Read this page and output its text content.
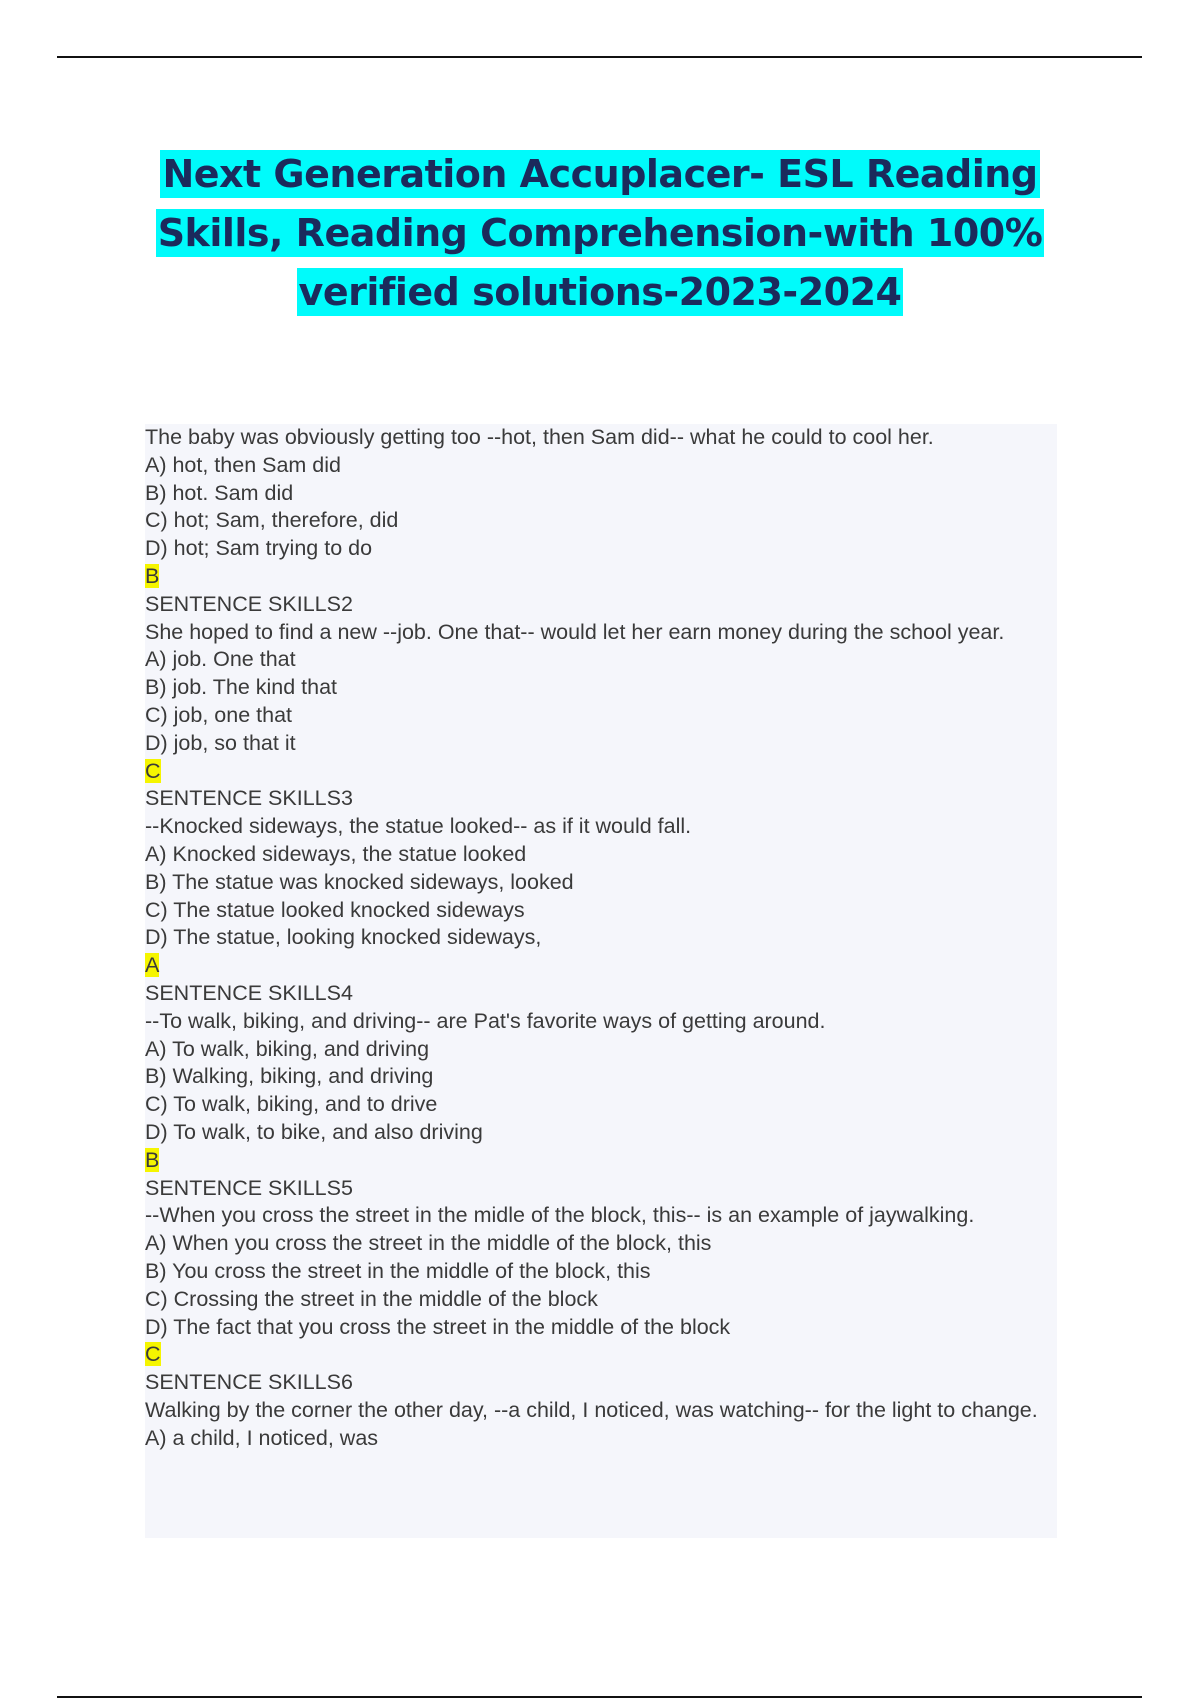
Next Generation Accuplacer- ESL Reading Skills, Reading Comprehension-with 100% verified solutions-2023-2024
The baby was obviously getting too --hot, then Sam did-- what he could to cool her.
A) hot, then Sam did
B) hot. Sam did
C) hot; Sam, therefore, did
D) hot; Sam trying to do
B
SENTENCE SKILLS2
She hoped to find a new --job. One that-- would let her earn money during the school year.
A) job. One that
B) job. The kind that
C) job, one that
D) job, so that it
C
SENTENCE SKILLS3
--Knocked sideways, the statue looked-- as if it would fall.
A) Knocked sideways, the statue looked
B) The statue was knocked sideways, looked
C) The statue looked knocked sideways
D) The statue, looking knocked sideways,
A
SENTENCE SKILLS4
--To walk, biking, and driving-- are Pat's favorite ways of getting around.
A) To walk, biking, and driving
B) Walking, biking, and driving
C) To walk, biking, and to drive
D) To walk, to bike, and also driving
B
SENTENCE SKILLS5
--When you cross the street in the midle of the block, this-- is an example of jaywalking.
A) When you cross the street in the middle of the block, this
B) You cross the street in the middle of the block, this
C) Crossing the street in the middle of the block
D) The fact that you cross the street in the middle of the block
C
SENTENCE SKILLS6
Walking by the corner the other day, --a child, I noticed, was watching-- for the light to change.
A) a child, I noticed, was
